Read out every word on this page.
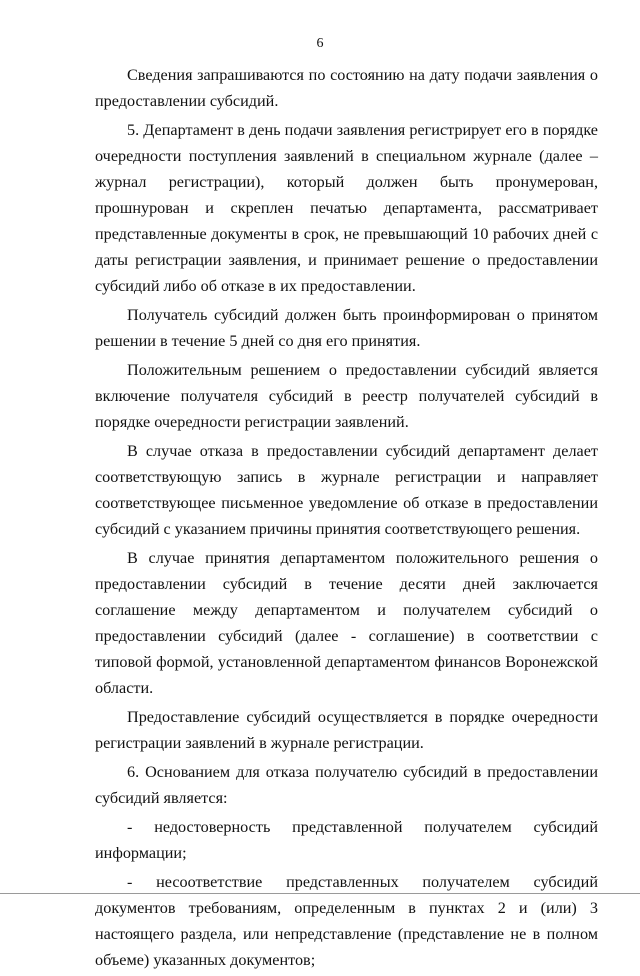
6

Сведения запрашиваются по состоянию на дату подачи заявления о предоставлении субсидий.

5. Департамент в день подачи заявления регистрирует его в порядке очередности поступления заявлений в специальном журнале (далее – журнал регистрации), который должен быть пронумерован, прошнурован и скреплен печатью департамента, рассматривает представленные документы в срок, не превышающий 10 рабочих дней с даты регистрации заявления, и принимает решение о предоставлении субсидий либо об отказе в их предоставлении.

Получатель субсидий должен быть проинформирован о принятом решении в течение 5 дней со дня его принятия.

Положительным решением о предоставлении субсидий является включение получателя субсидий в реестр получателей субсидий в порядке очередности регистрации заявлений.

В случае отказа в предоставлении субсидий департамент делает соответствующую запись в журнале регистрации и направляет соответствующее письменное уведомление об отказе в предоставлении субсидий с указанием причины принятия соответствующего решения.

В случае принятия департаментом положительного решения о предоставлении субсидий в течение десяти дней заключается соглашение между департаментом и получателем субсидий о предоставлении субсидий (далее - соглашение) в соответствии с типовой формой, установленной департаментом финансов Воронежской области.

Предоставление субсидий осуществляется в порядке очередности регистрации заявлений в журнале регистрации.

6. Основанием для отказа получателю субсидий в предоставлении субсидий является:

- недостоверность представленной получателем субсидий информации;

- несоответствие представленных получателем субсидий документов требованиям, определенным в пунктах 2 и (или) 3 настоящего раздела, или непредставление (представление не в полном объеме) указанных документов;
